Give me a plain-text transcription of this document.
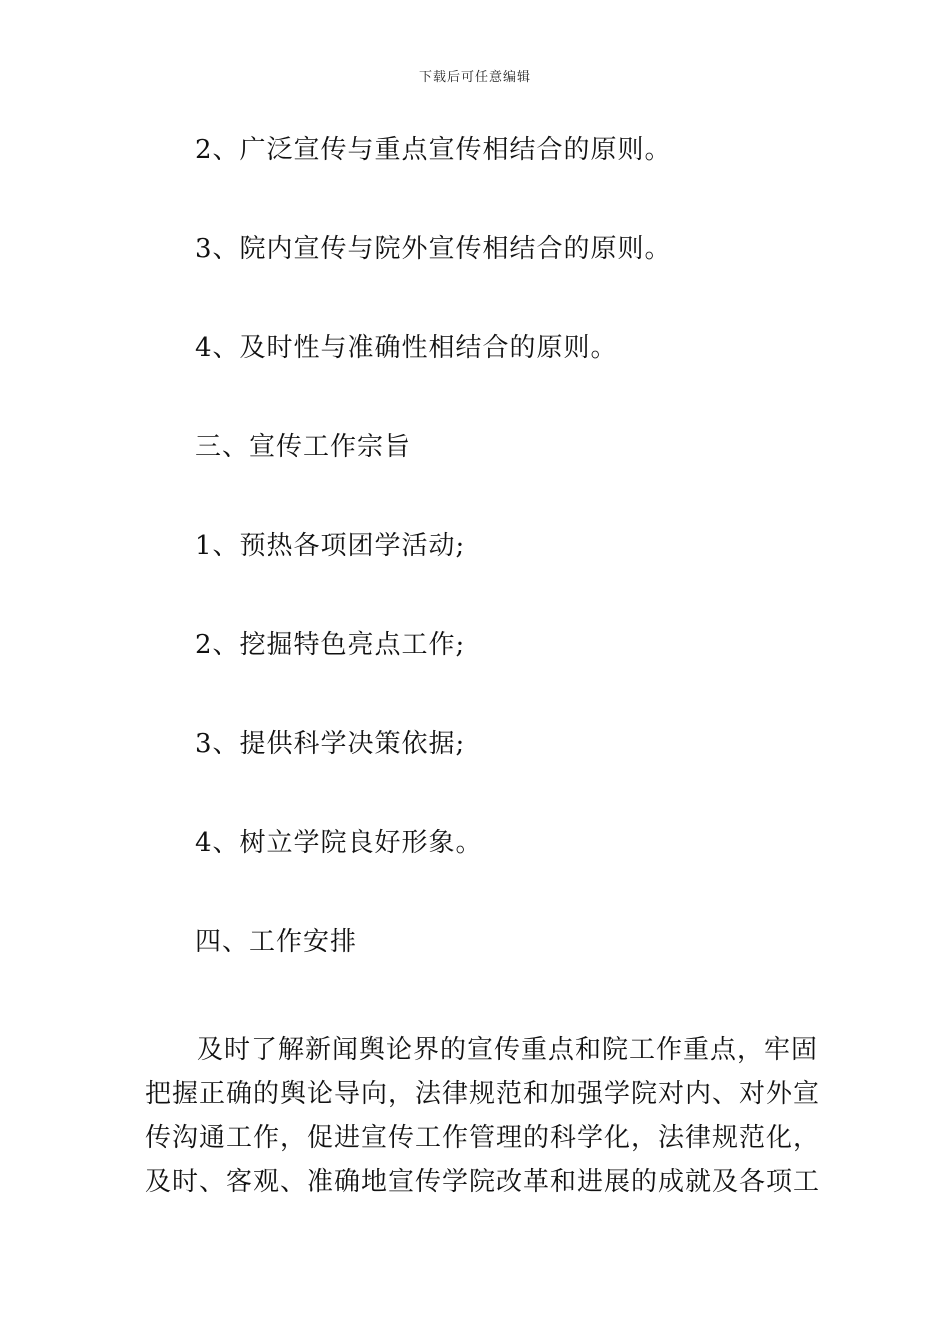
下载后可任意编辑
2、广泛宣传与重点宣传相结合的原则。
3、院内宣传与院外宣传相结合的原则。
4、及时性与准确性相结合的原则。
三、宣传工作宗旨
1、预热各项团学活动;
2、挖掘特色亮点工作;
3、提供科学决策依据;
4、树立学院良好形象。
四、工作安排
及时了解新闻舆论界的宣传重点和院工作重点，牢固
把握正确的舆论导向，法律规范和加强学院对内、对外宣
传沟通工作，促进宣传工作管理的科学化，法律规范化，
及时、客观、准确地宣传学院改革和进展的成就及各项工
